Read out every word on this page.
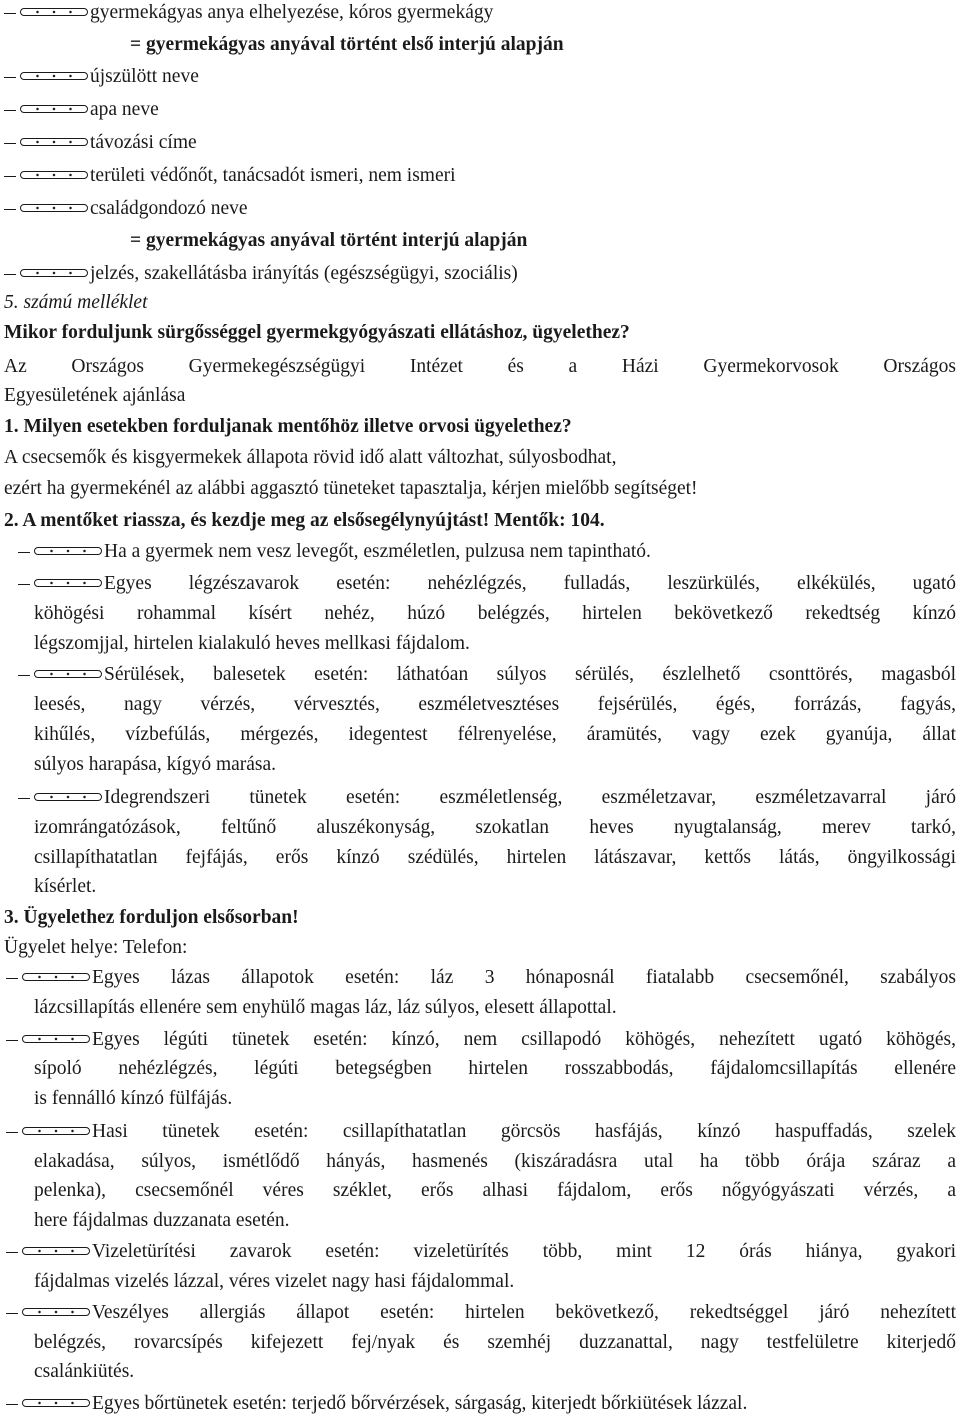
gyermekágyas anya elhelyezése, kóros gyermekágy
= gyermekágyas anyával történt első interjú alapján
újszülött neve
apa neve
távozási címe
területi védőnőt, tanácsadót ismeri, nem ismeri
családgondozó neve
= gyermekágyas anyával történt interjú alapján
jelzés, szakellátásba irányítás (egészségügyi, szociális)
5. számú melléklet
Mikor forduljunk sürgősséggel gyermekgyógyászati ellátáshoz, ügyelethez?
Az Országos Gyermekegészségügyi Intézet és a Házi Gyermekorvosok Országos
Egyesületének ajánlása
1. Milyen esetekben forduljanak mentőhöz illetve orvosi ügyelethez?
A csecsemők és kisgyermekek állapota rövid idő alatt változhat, súlyosbodhat,
ezért ha gyermekénél az alábbi aggasztó tüneteket tapasztalja, kérjen mielőbb segítséget!
2. A mentőket riassza, és kezdje meg az elsősegélynyújtást! Mentők: 104.
Ha a gyermek nem vesz levegőt, eszméletlen, pulzusa nem tapintható.
Egyes légzészavarok esetén: nehézlégzés, fulladás, leszürkülés, elkékülés, ugató
köhögési rohammal kísért nehéz, húzó belégzés, hirtelen bekövetkező rekedtség kínzó
légszomjjal, hirtelen kialakuló heves mellkasi fájdalom.
Sérülések, balesetek esetén: láthatóan súlyos sérülés, észlelhető csonttörés, magasból
leesés, nagy vérzés, vérvesztés, eszméletvesztéses fejsérülés, égés, forrázás, fagyás,
kihűlés, vízbefúlás, mérgezés, idegentest félrenyelése, áramütés, vagy ezek gyanúja, állat
súlyos harapása, kígyó marása.
Idegrendszeri tünetek esetén: eszméletlenség, eszméletzavar, eszméletzavarral járó
izomrángatózások, feltűnő aluszékonyság, szokatlan heves nyugtalanság, merev tarkó,
csillapíthatatlan fejfájás, erős kínzó szédülés, hirtelen látászavar, kettős látás, öngyilkossági
kísérlet.
3. Ügyelethez forduljon elsősorban!
Ügyelet helye: Telefon:
Egyes lázas állapotok esetén: láz 3 hónaposnál fiatalabb csecsemőnél, szabályos
lázcsillapítás ellenére sem enyhülő magas láz, láz súlyos, elesett állapottal.
Egyes légúti tünetek esetén: kínzó, nem csillapodó köhögés, nehezített ugató köhögés,
sípoló nehézlégzés, légúti betegségben hirtelen rosszabbodás, fájdalomcsillapítás ellenére
is fennálló kínzó fülfájás.
Hasi tünetek esetén: csillapíthatatlan görcsös hasfájás, kínzó haspuffadás, szelek
elakadása, súlyos, ismétlődő hányás, hasmenés (kiszáradásra utal ha több órája száraz a
pelenka), csecsemőnél véres széklet, erős alhasi fájdalom, erős nőgyógyászati vérzés, a
here fájdalmas duzzanata esetén.
Vizeletürítési zavarok esetén: vizeletürítés több, mint 12 órás hiánya, gyakori
fájdalmas vizelés lázzal, véres vizelet nagy hasi fájdalommal.
Veszélyes allergiás állapot esetén: hirtelen bekövetkező, rekedtséggel járó nehezített
belégzés, rovarcsípés kifejezett fej/nyak és szemhéj duzzanattal, nagy testfelületre kiterjedő
csalánkiütés.
Egyes bőrtünetek esetén: terjedő bőrvérzések, sárgaság, kiterjedt bőrkiütések lázzal.
